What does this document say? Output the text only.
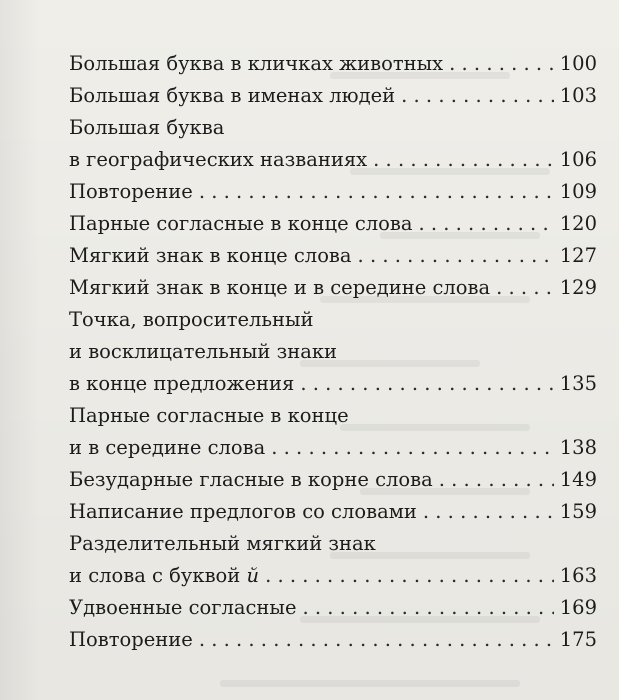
Большая буква в кличках животных . . .	100
Большая буква в именах людей . . .	103
Большая буква
в географических названиях . . .	106
Повторение . . .	109
Парные согласные в конце слова . . .	120
Мягкий знак в конце слова . . .	127
Мягкий знак в конце и в середине слова . . .	129
Точка, вопросительный
и восклицательный знаки
в конце предложения . . .	135
Парные согласные в конце
и в середине слова . . .	138
Безударные гласные в корне слова . . .	149
Написание предлогов со словами . . .	159
Разделительный мягкий знак
и слова с буквой й . . .	163
Удвоенные согласные . . .	169
Повторение . . .	175
